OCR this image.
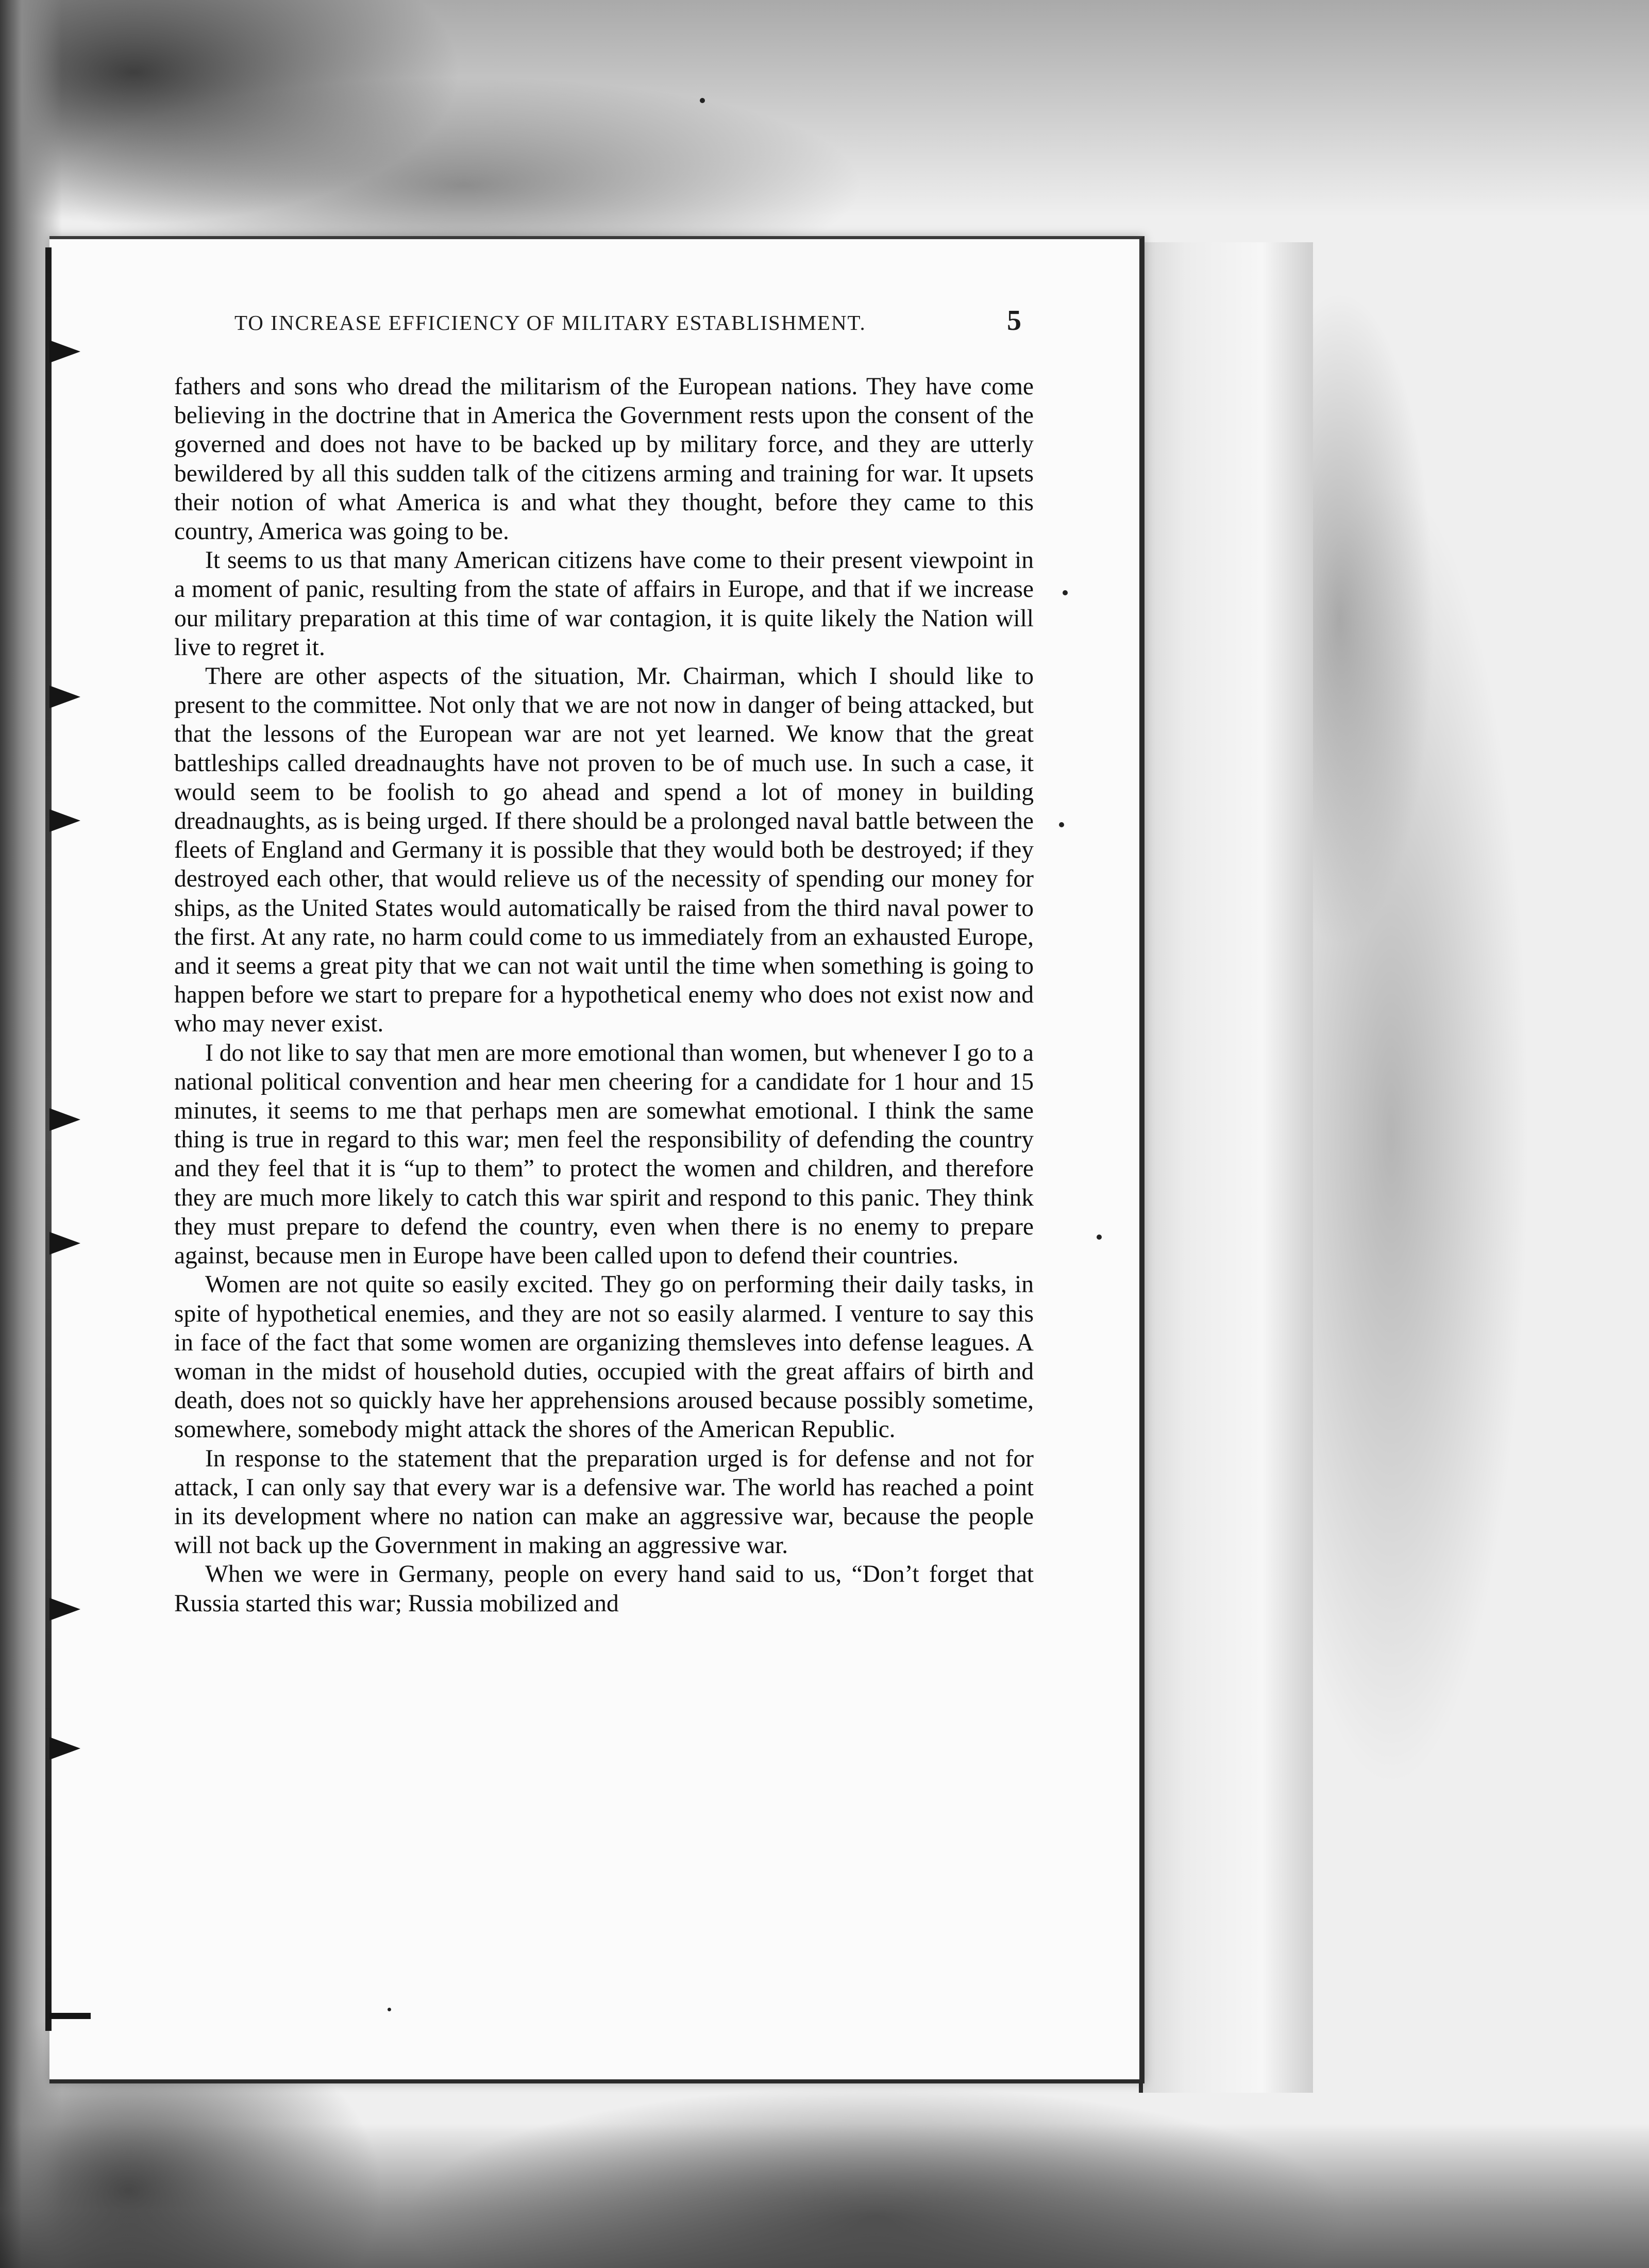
TO INCREASE EFFICIENCY OF MILITARY ESTABLISHMENT.	5

fathers and sons who dread the militarism of the European nations. They have come believing in the doctrine that in America the Government rests upon the consent of the governed and does not have to be backed up by military force, and they are utterly bewildered by all this sudden talk of the citizens arming and training for war. It upsets their notion of what America is and what they thought, before they came to this country, America was going to be.

It seems to us that many American citizens have come to their present viewpoint in a moment of panic, resulting from the state of affairs in Europe, and that if we increase our military preparation at this time of war contagion, it is quite likely the Nation will live to regret it.

There are other aspects of the situation, Mr. Chairman, which I should like to present to the committee. Not only that we are not now in danger of being attacked, but that the lessons of the European war are not yet learned. We know that the great battleships called dreadnaughts have not proven to be of much use. In such a case, it would seem to be foolish to go ahead and spend a lot of money in building dreadnaughts, as is being urged. If there should be a prolonged naval battle between the fleets of England and Germany it is possible that they would both be destroyed; if they destroyed each other, that would relieve us of the necessity of spending our money for ships, as the United States would automatically be raised from the third naval power to the first. At any rate, no harm could come to us immediately from an exhausted Europe, and it seems a great pity that we can not wait until the time when something is going to happen before we start to prepare for a hypothetical enemy who does not exist now and who may never exist.

I do not like to say that men are more emotional than women, but whenever I go to a national political convention and hear men cheering for a candidate for 1 hour and 15 minutes, it seems to me that perhaps men are somewhat emotional. I think the same thing is true in regard to this war; men feel the responsibility of defending the country and they feel that it is “up to them” to protect the women and children, and therefore they are much more likely to catch this war spirit and respond to this panic. They think they must prepare to defend the country, even when there is no enemy to prepare against, because men in Europe have been called upon to defend their countries.

Women are not quite so easily excited. They go on performing their daily tasks, in spite of hypothetical enemies, and they are not so easily alarmed. I venture to say this in face of the fact that some women are organizing themsleves into defense leagues. A woman in the midst of household duties, occupied with the great affairs of birth and death, does not so quickly have her apprehensions aroused because possibly sometime, somewhere, somebody might attack the shores of the American Republic.

In response to the statement that the preparation urged is for defense and not for attack, I can only say that every war is a defensive war. The world has reached a point in its development where no nation can make an aggressive war, because the people will not back up the Government in making an aggressive war.

When we were in Germany, people on every hand said to us, “Don’t forget that Russia started this war; Russia mobilized and
